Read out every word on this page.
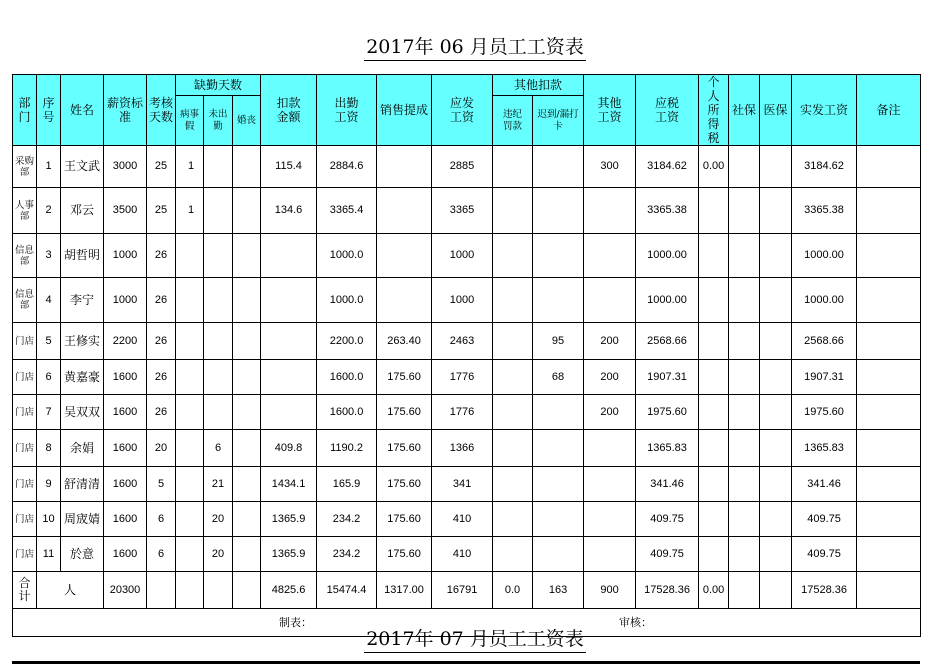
2017年 06 月员工工资表
部门	序号	姓名	薪资标准	考核天数	缺勤天数			扣款金额	出勤工资	销售提成	应发工资	其他扣款		其他工资	应税工资	个人所得税	社保	医保	实发工资	备注
					病事假	未出勤	婚丧					违纪罚款	迟到/漏打卡							
采购部	1	王文武	3000	25	1			115.4	2884.6		2885			300	3184.62	0.00			3184.62	
人事部	2	邓云	3500	25	1			134.6	3365.4		3365				3365.38				3365.38	
信息部	3	胡哲明	1000	26					1000.0		1000				1000.00				1000.00	
信息部	4	李宁	1000	26					1000.0		1000				1000.00				1000.00	
门店	5	王修实	2200	26					2200.0	263.40	2463		95	200	2568.66				2568.66	
门店	6	黄嘉豪	1600	26					1600.0	175.60	1776		68	200	1907.31				1907.31	
门店	7	吴双双	1600	26					1600.0	175.60	1776			200	1975.60				1975.60	
门店	8	余娟	1600	20		6		409.8	1190.2	175.60	1366				1365.83				1365.83	
门店	9	舒清清	1600	5		21		1434.1	165.9	175.60	341				341.46				341.46	
门店	10	周宬婧	1600	6		20		1365.9	234.2	175.60	410				409.75				409.75	
门店	11	於意	1600	6		20		1365.9	234.2	175.60	410				409.75				409.75	
合计	人		20300					4825.6	15474.4	1317.00	16791	0.0	163	900	17528.36	0.00			17528.36	

制表： 审核：																				
2017年 07 月员工工资表
